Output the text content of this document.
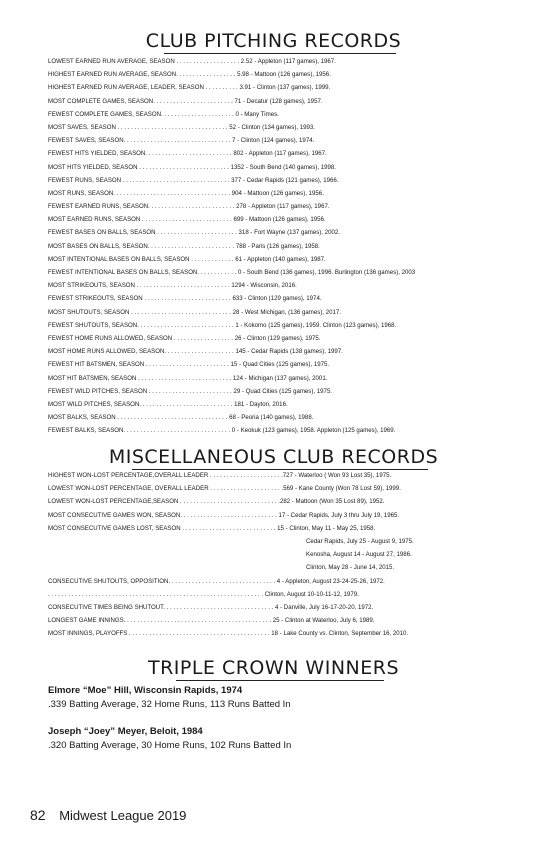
CLUB PITCHING RECORDS
LOWEST EARNED RUN AVERAGE, SEASON . . . . . . . . . . . . . . . . . . . 2.52 - Appleton (117 games), 1967.
HIGHEST EARNED RUN AVERAGE, SEASON. . . . . . . . . . . . . . . . . . 5.98 - Mattoon (126 games), 1956.
HIGHEST EARNED RUN AVERAGE, LEADER, SEASON . . . . . . . . . . 3.91 - Clinton (137 games), 1999.
MOST COMPLETE GAMES, SEASON. . . . . . . . . . . . . . . . . . . . . . . . 71 - Decatur (128 games), 1957.
FEWEST COMPLETE GAMES, SEASON. . . . . . . . . . . . . . . . . . . . . . 0 - Many Times.
MOST SAVES, SEASON . . . . . . . . . . . . . . . . . . . . . . . . . . . . . . . . . 52 - Clinton (134 games), 1993.
FEWEST SAVES, SEASON. . . . . . . . . . . . . . . . . . . . . . . . . . . . . . . . 7 - Clinton (124 games), 1974.
FEWEST HITS YIELDED, SEASON. . . . . . . . . . . . . . . . . . . . . . . . . . 802 - Appleton (117 games), 1967.
MOST HITS YIELDED, SEASON . . . . . . . . . . . . . . . . . . . . . . . . . . . 1352 - South Bend (140 games), 1998.
FEWEST RUNS, SEASON . . . . . . . . . . . . . . . . . . . . . . . . . . . . . . . . 377 - Cedar Rapids (121 games), 1966.
MOST RUNS, SEASON. . . . . . . . . . . . . . . . . . . . . . . . . . . . . . . . . . . 904 - Mattoon (126 games), 1956.
FEWEST EARNED RUNS, SEASON. . . . . . . . . . . . . . . . . . . . . . . . . . 278 - Appleton (117 games), 1967.
MOST EARNED RUNS, SEASON . . . . . . . . . . . . . . . . . . . . . . . . . . . 699 - Mattoon (126 games), 1956.
FEWEST BASES ON BALLS, SEASON . . . . . . . . . . . . . . . . . . . . . . . . 318 - Fort Wayne (137 games), 2002.
MOST BASES ON BALLS, SEASON. . . . . . . . . . . . . . . . . . . . . . . . . . 788 - Paris (126 games), 1958.
MOST INTENTIONAL BASES ON BALLS, SEASON . . . . . . . . . . . . . 61 - Appleton (140 games), 1987.
FEWEST INTENTIONAL BASES ON BALLS, SEASON. . . . . . . . . . . . 0 - South Bend (136 games), 1996. Burlington (136 games), 2003
MOST STRIKEOUTS, SEASON . . . . . . . . . . . . . . . . . . . . . . . . . . . . 1294 - Wisconsin, 2016.
FEWEST STRIKEOUTS, SEASON . . . . . . . . . . . . . . . . . . . . . . . . . . 633 - Clinton (129 games), 1974.
MOST SHUTOUTS, SEASON . . . . . . . . . . . . . . . . . . . . . . . . . . . . . . 28 - West Michigan, (136 games), 2017.
FEWEST SHUTOUTS, SEASON. . . . . . . . . . . . . . . . . . . . . . . . . . . . . 1 - Kokomo (125 games), 1959. Clinton (123 games), 1968.
FEWEST HOME RUNS ALLOWED, SEASON . . . . . . . . . . . . . . . . . . 26 - Clinton (129 games), 1975.
MOST HOME RUNS ALLOWED, SEASON. . . . . . . . . . . . . . . . . . . . . 145 - Cedar Rapids (138 games), 1997.
FEWEST HIT BATSMEN, SEASON . . . . . . . . . . . . . . . . . . . . . . . . . 15 - Quad Cities (125 games), 1975.
MOST HIT BATSMEN, SEASON . . . . . . . . . . . . . . . . . . . . . . . . . . . . 124 - Michigan (137 games), 2001.
FEWEST WILD PITCHES, SEASON . . . . . . . . . . . . . . . . . . . . . . . . . 29 - Quad Cities (125 games), 1975.
MOST WILD PITCHES, SEASON. . . . . . . . . . . . . . . . . . . . . . . . . . . . 181 - Dayton, 2016.
MOST BALKS, SEASON . . . . . . . . . . . . . . . . . . . . . . . . . . . . . . . . . 68 - Peoria (140 games), 1988.
FEWEST BALKS, SEASON. . . . . . . . . . . . . . . . . . . . . . . . . . . . . . . . 0 - Keokuk (123 games), 1958. Appleton (125 games), 1969.
MISCELLANEOUS CLUB RECORDS
HIGHEST WON-LOST PERCENTAGE,OVERALL LEADER . . . . . . . . . . . . . . . . . . . . . .727 - Waterloo ( Won 93 Lost 35), 1975.
LOWEST WON-LOST PERCENTAGE, OVERALL LEADER . . . . . . . . . . . . . . . . . . . . . .569 - Kane County (Won 78 Lost 59), 1999.
LOWEST WON-LOST PERCENTAGE,SEASON . . . . . . . . . . . . . . . . . . . . . . . . . . . . . .282 - Mattoon (Won 35 Lost 89), 1952.
MOST CONSECUTIVE GAMES WON, SEASON. . . . . . . . . . . . . . . . . . . . . . . . . . . . . 17 - Cedar Rapids, July 3 thru July 19, 1965.
MOST CONSECUTIVE GAMES LOST, SEASON . . . . . . . . . . . . . . . . . . . . . . . . . . . . 15 - Clinton, May 11 - May 25, 1958.
Cedar Rapids, July 25 - August 9, 1975.
Kenosha, August 14 - August 27, 1986.
Clinton, May 28 - June 14, 2015.
CONSECUTIVE SHUTOUTS, OPPOSITION. . . . . . . . . . . . . . . . . . . . . . . . . . . . . . . . 4 - Appleton, August 23-24-25-26, 1972.
. . . . . . . . . . . . . . . . . . . . . . . . . . . . . . . . . . . . . . . . . . . . . . . . . . . . . . . . . . . . . . . . Clinton, August 10-10-11-12, 1979.
CONSECUTIVE TIMES BEING SHUTOUT. . . . . . . . . . . . . . . . . . . . . . . . . . . . . . . . . 4 - Danville, July 16-17-20-20, 1972.
LONGEST GAME INNINGS. . . . . . . . . . . . . . . . . . . . . . . . . . . . . . . . . . . . . . . . . . . . 25 - Clinton at Waterloo, July 6, 1989.
MOST INNINGS, PLAYOFFS . . . . . . . . . . . . . . . . . . . . . . . . . . . . . . . . . . . . . . . . . . 18 - Lake County vs. Clinton, September 16, 2010.
TRIPLE CROWN WINNERS
Elmore “Moe” Hill, Wisconsin Rapids, 1974
.339 Batting Average, 32 Home Runs, 113 Runs Batted In
Joseph “Joey” Meyer, Beloit, 1984
.320 Batting Average, 30 Home Runs, 102 Runs Batted In
82 Midwest League 2019
